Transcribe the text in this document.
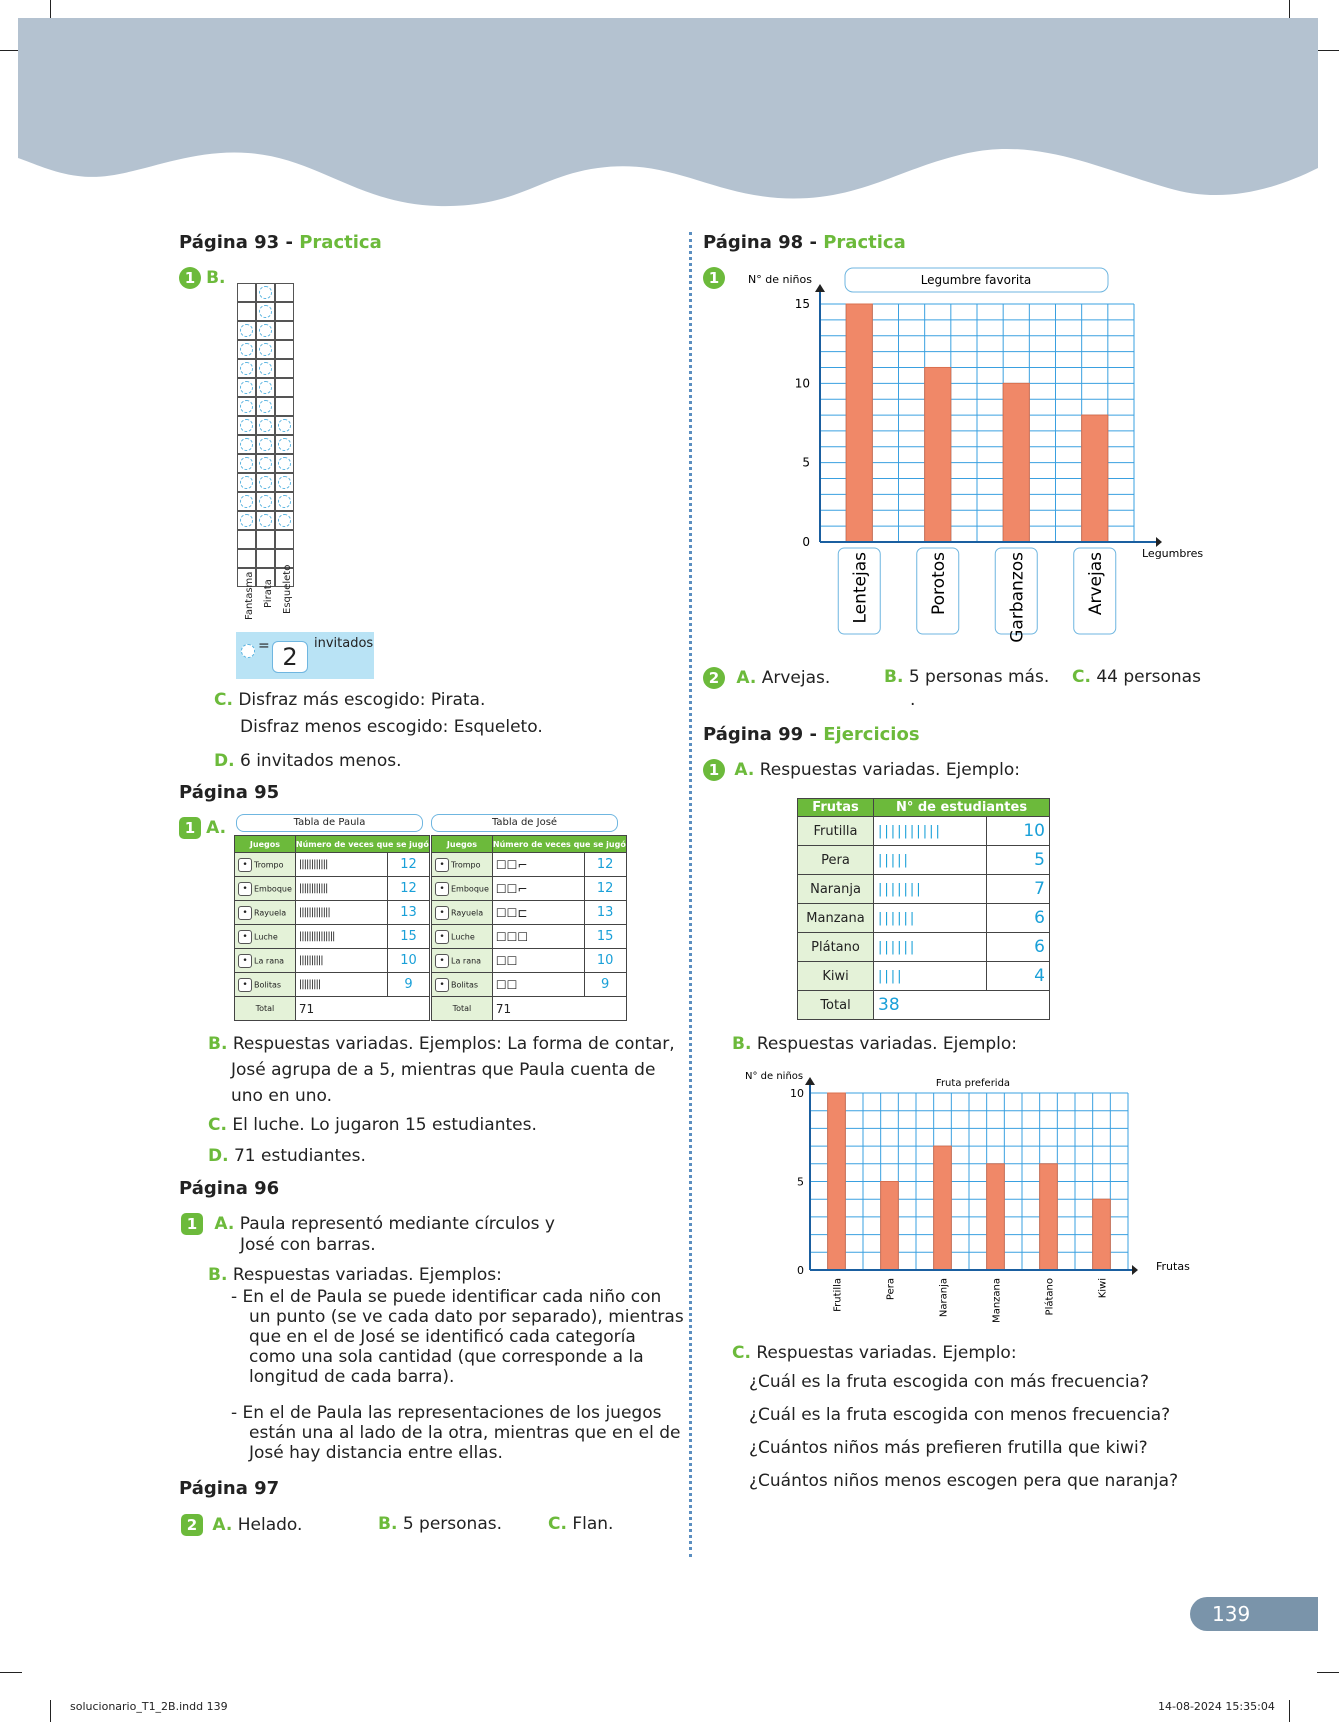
Página 93 - Practica
1 B.
Fantasma Pirata Esqueleto
= 2	invitados
C. Disfraz más escogido: Pirata.
Disfraz menos escogido: Esqueleto.
D. 6 invitados menos.
Página 95
1 A.	Tabla de Paula
Juegos	Número de veces que se jugó	
• Trompo	||||||||||||	12
• Emboque	||||||||||||	12
• Rayuela	|||||||||||||	13
• Luche	|||||||||||||||	15
• La rana	||||||||||	10
• Bolitas	|||||||||	9
Total	71	
Tabla de José
Juegos	Número de veces que se jugó	
• Trompo	☐☐⌐	12
• Emboque	☐☐⌐	12
• Rayuela	☐☐⊏	13
• Luche	☐☐☐	15
• La rana	☐☐	10
• Bolitas	☐☐	9
Total	71	
B. Respuestas variadas. Ejemplos: La forma de contar,
José agrupa de a 5, mientras que Paula cuenta de
uno en uno.
C. El luche. Lo jugaron 15 estudiantes.
D. 71 estudiantes.
Página 96
1 A. Paula representó mediante círculos y
José con barras.
B. Respuestas variadas. Ejemplos:
- En el de Paula se puede identificar cada niño con
un punto (se ve cada dato por separado), mientras
que en el de José se identificó cada categoría
como una sola cantidad (que corresponde a la
longitud de cada barra).
- En el de Paula las representaciones de los juegos
están una al lado de la otra, mientras que en el de
José hay distancia entre ellas.
Página 97
2 A. Helado.	B. 5 personas.	C. Flan.
Página 98 - Practica
1
0
5
10
15
Lentejas	Porotos	Garbanzos	Arvejas
N° de niños
Legumbres
Legumbre favorita
2 A. Arvejas.	B. 5 personas más. C. 44 personas
.
Página 99 - Ejercicios
1 A. Respuestas variadas. Ejemplo:
Frutas	N° de estudiantes	
Frutilla	||||||||||	10
Pera	|||||	5
Naranja	|||||||	7
Manzana	||||||	6
Plátano	||||||	6
Kiwi	||||	4
Total	38	
B. Respuestas variadas. Ejemplo:
0
5
10
Frutilla	Pera	Naranja	Manzana	Plátano	Kiwi
N° de niños
Frutas
Fruta preferida
C. Respuestas variadas. Ejemplo:
¿Cuál es la fruta escogida con más frecuencia?
¿Cuál es la fruta escogida con menos frecuencia?
¿Cuántos niños más prefieren frutilla que kiwi?
¿Cuántos niños menos escogen pera que naranja?
139
solucionario_T1_2B.indd 139	14-08-2024 15:35:04
